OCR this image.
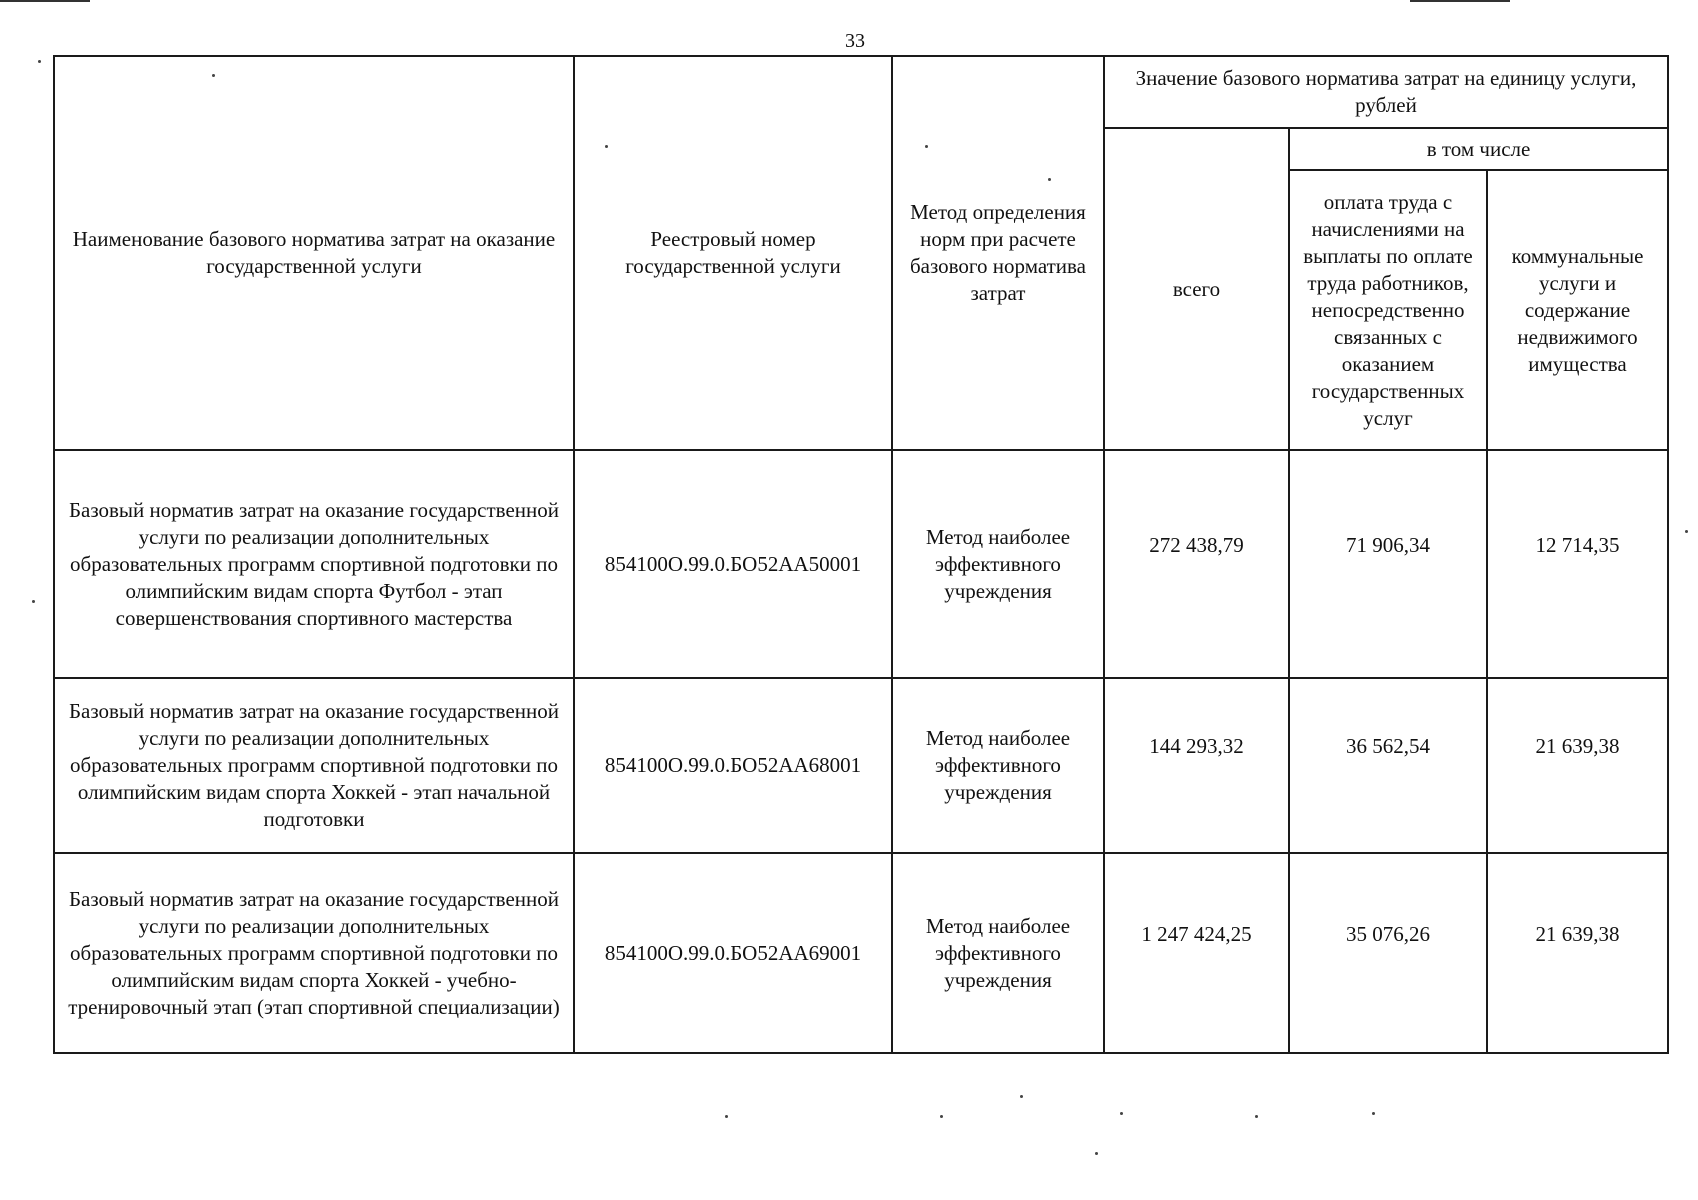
33
Наименование базового норматива затрат на оказание государственной услуги	Реестровый номер государственной услуги	Метод определения норм при расчете базового норматива затрат	Значение базового норматива затрат на единицу услуги, рублей		
			всего	в том числе	
				оплата труда с начислениями на выплаты по оплате труда работников, непосредственно связанных с оказанием государственных услуг	коммунальные услуги и содержание недвижимого имущества
Базовый норматив затрат на оказание государственной услуги по реализации дополнительных образовательных программ спортивной подготовки по олимпийским видам спорта Футбол - этап совершенствования спортивного мастерства	854100О.99.0.БО52АА50001	Метод наиболее эффективного учреждения	272 438,79	71 906,34	12 714,35
Базовый норматив затрат на оказание государственной услуги по реализации дополнительных образовательных программ спортивной подготовки по олимпийским видам спорта Хоккей - этап начальной подготовки	854100О.99.0.БО52АА68001	Метод наиболее эффективного учреждения	144 293,32	36 562,54	21 639,38
Базовый норматив затрат на оказание государственной услуги по реализации дополнительных образовательных программ спортивной подготовки по олимпийским видам спорта Хоккей - учебно-тренировочный этап (этап спортивной специализации)	854100О.99.0.БО52АА69001	Метод наиболее эффективного учреждения	1 247 424,25	35 076,26	21 639,38
